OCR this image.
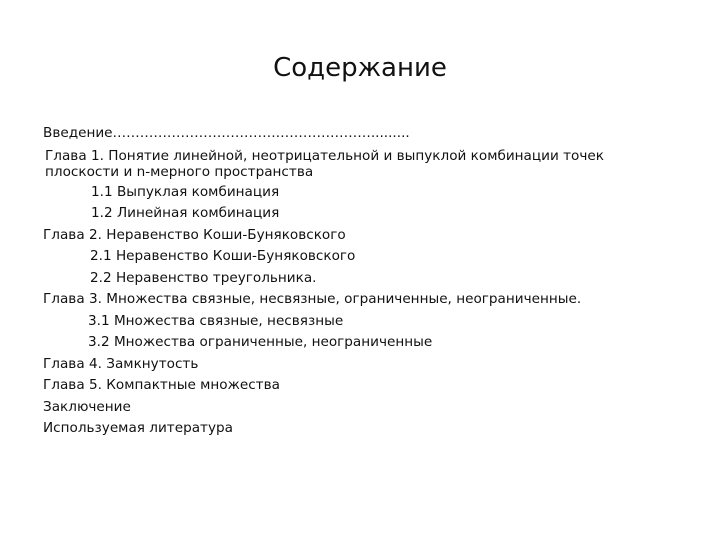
Содержание
Введение………………………………………………….........
Глава 1. Понятие линейной, неотрицательной и выпуклой комбинации точек плоскости и n-мерного пространства
1.1 Выпуклая комбинация
1.2 Линейная комбинация
Глава 2. Неравенство Коши-Буняковского
2.1 Неравенство Коши-Буняковского
2.2 Неравенство треугольника.
Глава 3. Множества связные, несвязные, ограниченные, неограниченные.
3.1 Множества связные, несвязные
3.2 Множества ограниченные, неограниченные
Глава 4. Замкнутость
Глава 5. Компактные множества
Заключение
Используемая литература
